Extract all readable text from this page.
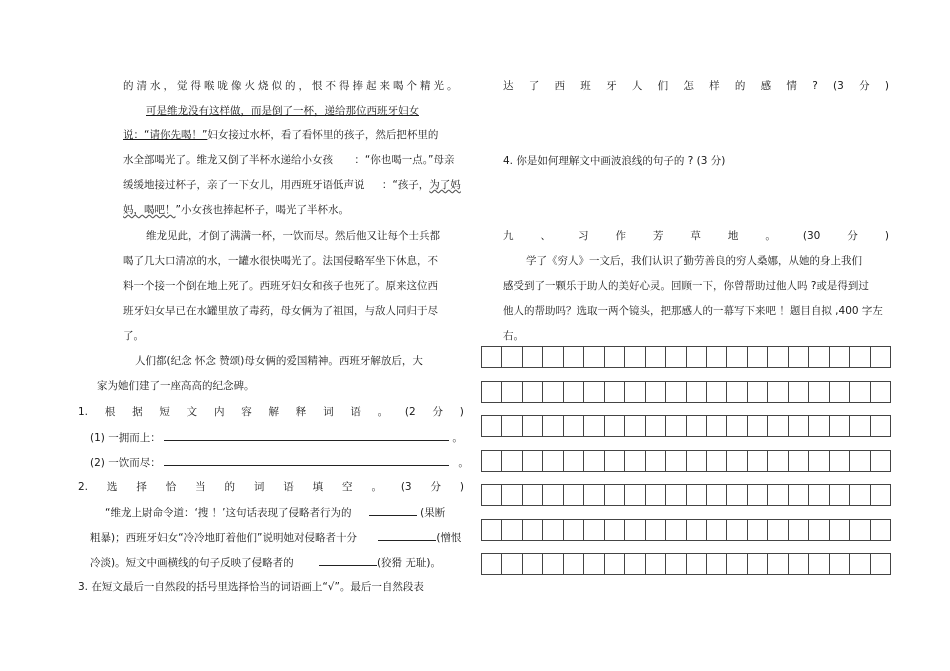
的清水，觉得喉咙像火烧似的，恨不得捧起来喝个精光。
可是维龙没有这样做，而是倒了一杯，递给那位西班牙妇女
说：“请你先喝！”妇女接过水杯，看了看怀里的孩子，然后把杯里的
水全部喝光了。维龙又倒了半杯水递给小女孩 ：“你也喝一点。”母亲
缓缓地接过杯子，亲了一下女儿，用西班牙语低声说 ：“孩子，为了妈
妈，喝吧！”小女孩也捧起杯子，喝光了半杯水。
维龙见此，才倒了满满一杯，一饮而尽。然后他又让每个士兵都
喝了几大口清凉的水，一罐水很快喝光了。法国侵略军坐下休息，不
料一个接一个倒在地上死了。西班牙妇女和孩子也死了。原来这位西
班牙妇女早已在水罐里放了毒药，母女俩为了祖国，与敌人同归于尽
了。
人们都(纪念 怀念 赞颂)母女俩的爱国精神。西班牙解放后，大
家为她们建了一座高高的纪念碑。
1. 根 据 短 文 内 容 解 释 词 语 。 (2 分 )
(1) 一拥而上：	。
(2) 一饮而尽：	。
2. 选 择 恰 当 的 词 语 填 空 。 (3 分 )
“维龙上尉命令道：‘搜 ！’这句话表现了侵略者行为的	(果断
粗暴)；西班牙妇女“冷冷地盯着他们”说明她对侵略者十分	(憎恨
冷淡)。短文中画横线的句子反映了侵略者的	(狡猾 无耻)。
3. 在短文最后一自然段的括号里选择恰当的词语画上“√”。最后一自然段表
达 了 西 班 牙 人 们 怎 样 的 感 情 ? (3 分 )
4. 你是如何理解文中画波浪线的句子的 ? (3 分)
九	、	习	作	芳	草	地	。	(30	分	)
学了《穷人》一文后，我们认识了勤劳善良的穷人桑娜，从她的身上我们
感受到了一颗乐于助人的美好心灵。回顾一下，你曾帮助过他人吗 ?或是得到过
他人的帮助吗？选取一两个镜头，把那感人的一幕写下来吧 ！题目自拟 ,400 字左
右。
